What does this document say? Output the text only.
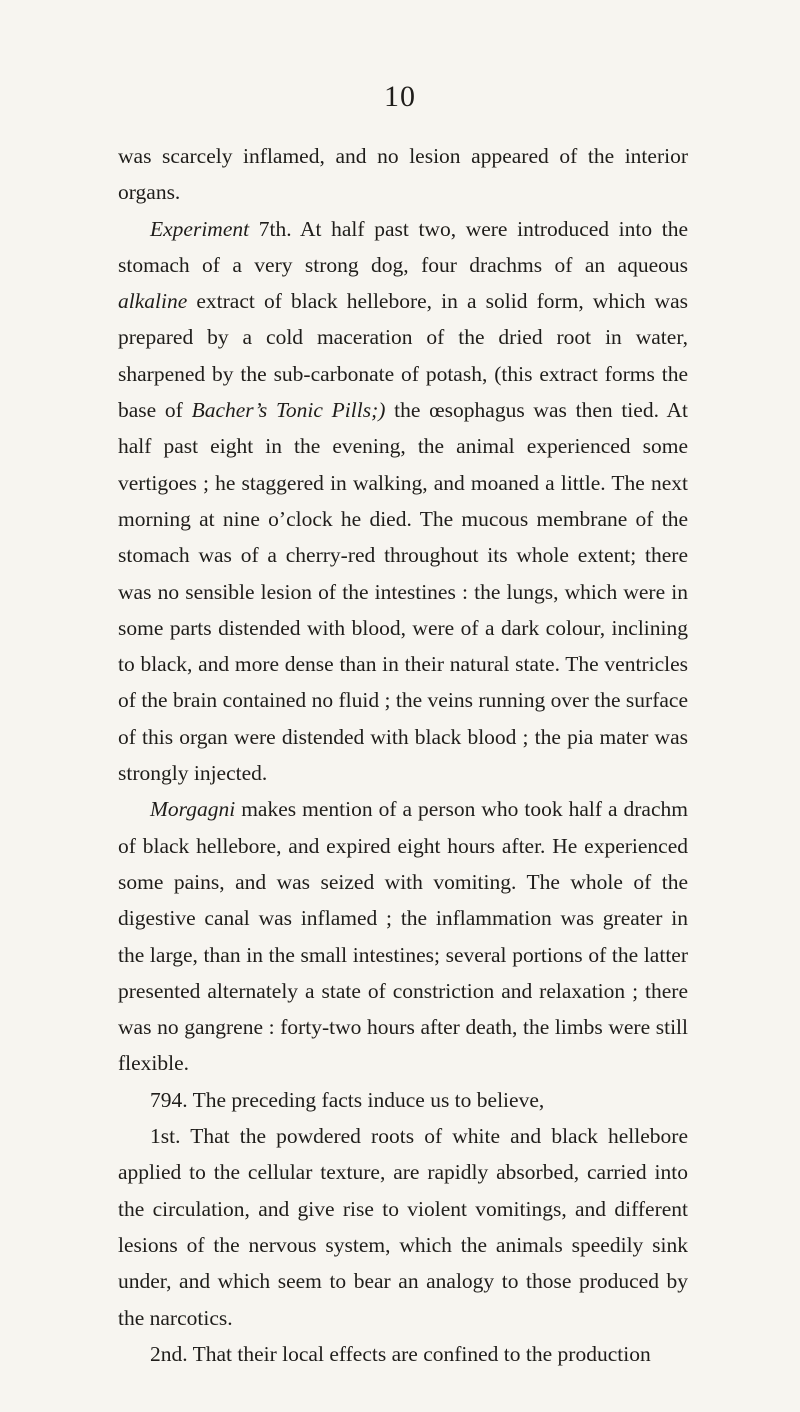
10

was scarcely inflamed, and no lesion appeared of the interior organs.

Experiment 7th. At half past two, were introduced into the stomach of a very strong dog, four drachms of an aqueous alkaline extract of black hellebore, in a solid form, which was prepared by a cold maceration of the dried root in water, sharpened by the sub-carbonate of potash, (this extract forms the base of Bacher’s Tonic Pills;) the œsophagus was then tied. At half past eight in the evening, the animal experienced some vertigoes ; he staggered in walking, and moaned a little. The next morning at nine o’clock he died. The mucous membrane of the stomach was of a cherry-red throughout its whole extent; there was no sensible lesion of the intestines : the lungs, which were in some parts distended with blood, were of a dark colour, inclining to black, and more dense than in their natural state. The ventricles of the brain contained no fluid ; the veins running over the surface of this organ were distended with black blood ; the pia mater was strongly injected.

Morgagni makes mention of a person who took half a drachm of black hellebore, and expired eight hours after. He experienced some pains, and was seized with vomiting. The whole of the digestive canal was inflamed ; the inflammation was greater in the large, than in the small intestines; several portions of the latter presented alternately a state of constriction and relaxation ; there was no gangrene : forty-two hours after death, the limbs were still flexible.

794. The preceding facts induce us to believe,

1st. That the powdered roots of white and black hellebore applied to the cellular texture, are rapidly absorbed, carried into the circulation, and give rise to violent vomitings, and different lesions of the nervous system, which the animals speedily sink under, and which seem to bear an analogy to those produced by the narcotics.

2nd. That their local effects are confined to the production
